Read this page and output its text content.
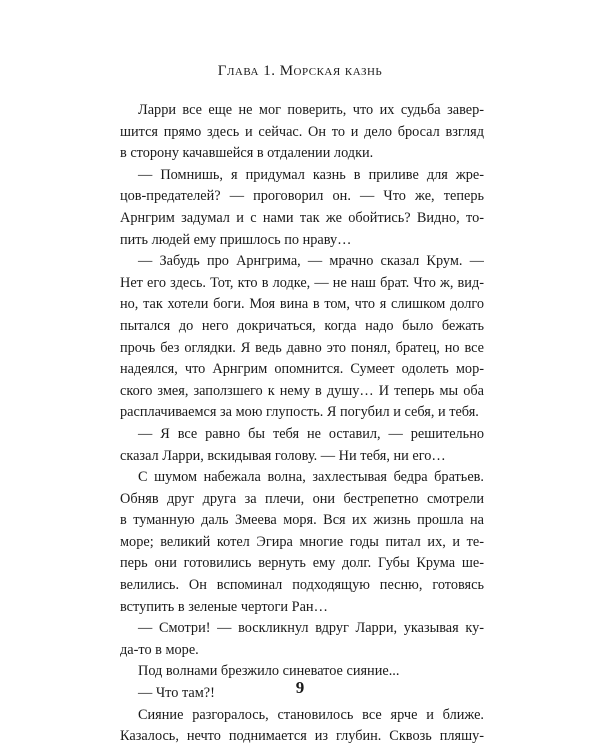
Глава 1. Морская казнь
Ларри все еще не мог поверить, что их судьба завер-
шится прямо здесь и сейчас. Он то и дело бросал взгляд
в сторону качавшейся в отдалении лодки.
— Помнишь, я придумал казнь в приливе для жре-
цов-предателей? — проговорил он. — Что же, теперь
Арнгрим задумал и с нами так же обойтись? Видно, то-
пить людей ему пришлось по нраву…
— Забудь про Арнгрима, — мрачно сказал Крум. —
Нет его здесь. Тот, кто в лодке, — не наш брат. Что ж, вид-
но, так хотели боги. Моя вина в том, что я слишком долго
пытался до него докричаться, когда надо было бежать
прочь без оглядки. Я ведь давно это понял, братец, но все
надеялся, что Арнгрим опомнится. Сумеет одолеть мор-
ского змея, заползшего к нему в душу… И теперь мы оба
расплачиваемся за мою глупость. Я погубил и себя, и тебя.
— Я все равно бы тебя не оставил, — решительно
сказал Ларри, вскидывая голову. — Ни тебя, ни его…
С шумом набежала волна, захлестывая бедра братьев.
Обняв друг друга за плечи, они бестрепетно смотрели
в туманную даль Змеева моря. Вся их жизнь прошла на
море; великий котел Эгира многие годы питал их, и те-
перь они готовились вернуть ему долг. Губы Крума ше-
велились. Он вспоминал подходящую песню, готовясь
вступить в зеленые чертоги Ран…
— Смотри! — воскликнул вдруг Ларри, указывая ку-
да-то в море.
Под волнами брезжило синеватое сияние...
— Что там?!
Сияние разгоралось, становилось все ярче и ближе.
Казалось, нечто поднимается из глубин. Сквозь пляшу-
9
